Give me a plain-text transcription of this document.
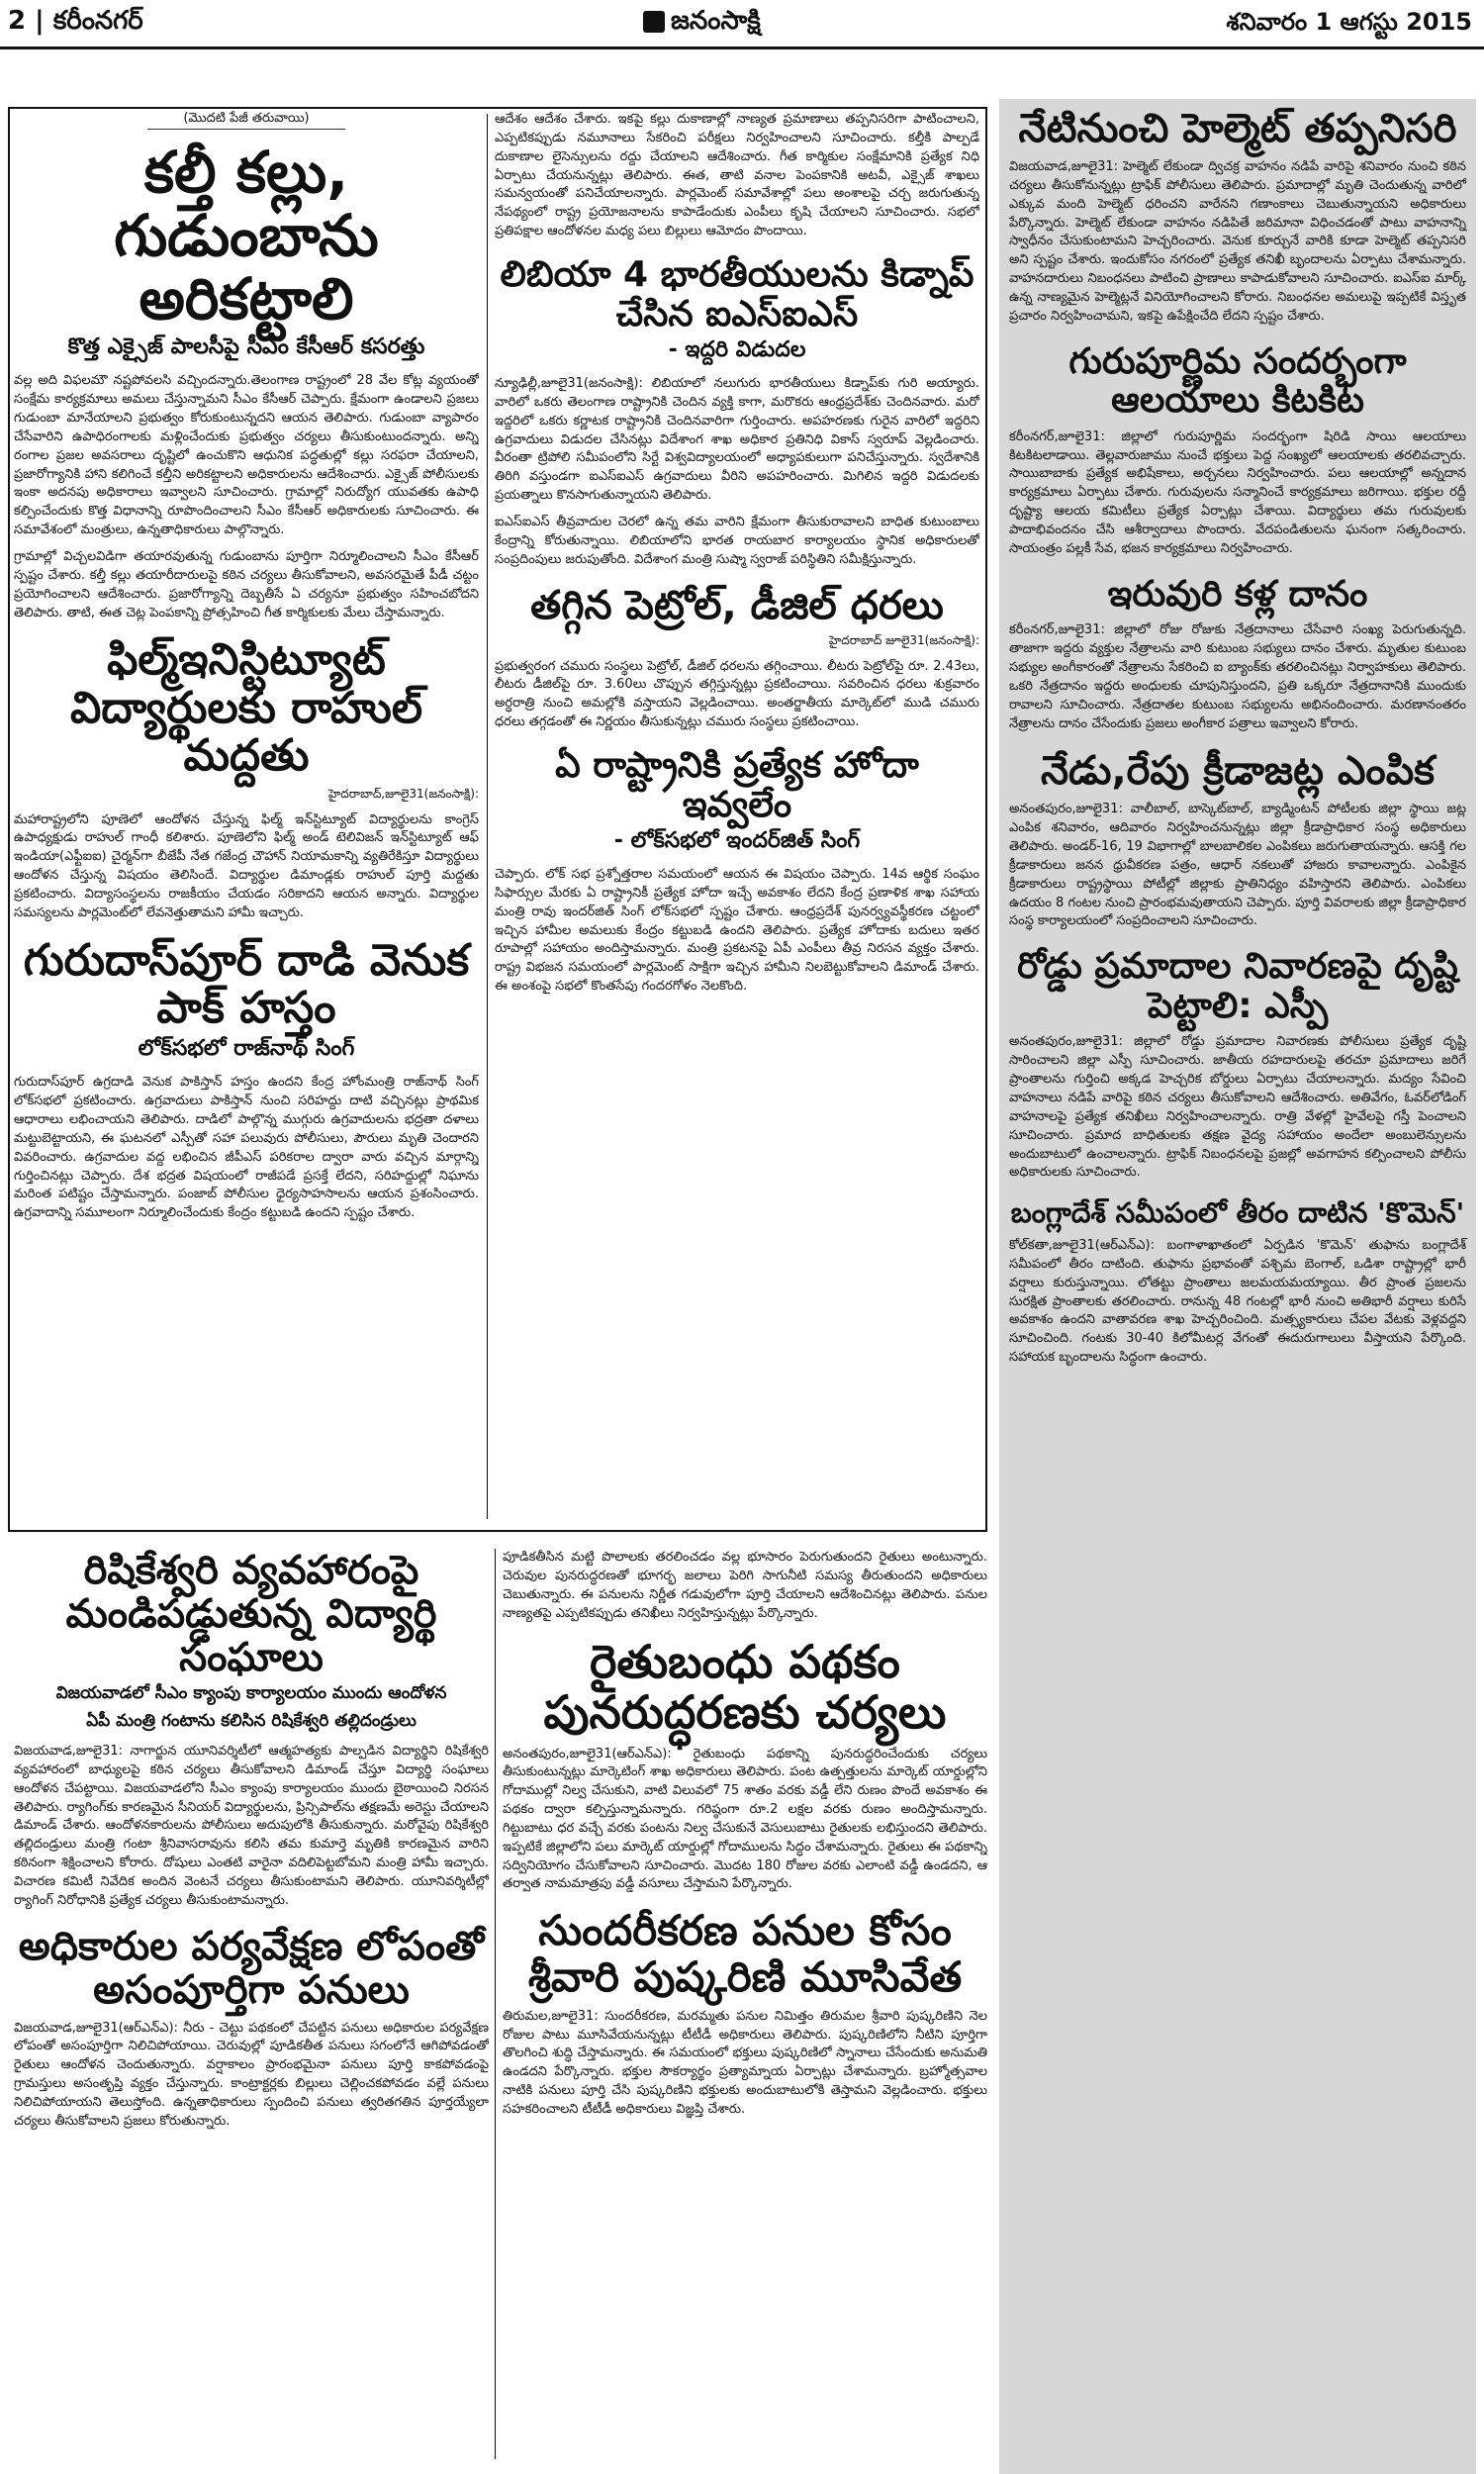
2 | కరీంనగర్	జనంసాక్షి	శనివారం 1 ఆగస్టు 2015
(మొదటి పేజీ తరువాయి)
కల్తీ కల్లు, గుడుంబాను అరికట్టాలి
కొత్త ఎక్సైజ్ పాలసీపై సీఎం కేసీఆర్ కసరత్తు
వల్ల అది విఫలమౌ నష్టపోవలసి వచ్చిందన్నారు.తెలంగాణ రాష్ట్రంలో 28 వేల కోట్ల వ్యయంతో సంక్షేమ కార్యక్రమాలు అమలు చేస్తున్నామని సీఎం కేసీఆర్ చెప్పారు. క్షేమంగా ఉండాలని ప్రజలు గుడుంబా మానేయాలని ప్రభుత్వం కోరుకుంటున్నదని ఆయన తెలిపారు. గుడుంబా వ్యాపారం చేసేవారిని ఉపాధిరంగాలకు మళ్లించేందుకు ప్రభుత్వం చర్యలు తీసుకుంటుందన్నారు. అన్ని రంగాల ప్రజల అవసరాలు దృష్టిలో ఉంచుకొని ఆధునిక పద్ధతుల్లో కల్లు సరఫరా చేయాలని, ప్రజారోగ్యానికి హాని కలిగించే కల్తీని అరికట్టాలని అధికారులను ఆదేశించారు. ఎక్సైజ్ పోలీసులకు ఇంకా అదనపు అధికారాలు ఇవ్వాలని సూచించారు. గ్రామాల్లో నిరుద్యోగ యువతకు ఉపాధి కల్పించేందుకు కొత్త విధానాన్ని రూపొందించాలని సీఎం కేసీఆర్ అధికారులకు సూచించారు. ఈ సమావేశంలో మంత్రులు, ఉన్నతాధికారులు పాల్గొన్నారు.
గ్రామాల్లో విచ్చలవిడిగా తయారవుతున్న గుడుంబాను పూర్తిగా నిర్మూలించాలని సీఎం కేసీఆర్ స్పష్టం చేశారు. కల్తీ కల్లు తయారీదారులపై కఠిన చర్యలు తీసుకోవాలని, అవసరమైతే పీడీ చట్టం ప్రయోగించాలని ఆదేశించారు. ప్రజారోగ్యాన్ని దెబ్బతీసే ఏ చర్యనూ ప్రభుత్వం సహించబోదని తెలిపారు. తాటి, ఈత చెట్ల పెంపకాన్ని ప్రోత్సహించి గీత కార్మికులకు మేలు చేస్తామన్నారు.
ఫిల్మ్ఇనిస్టిట్యూట్ విద్యార్థులకు రాహుల్ మద్దతు
హైదరాబాద్,జూలై31(జనంసాక్షి):
మహారాష్ట్రలోని పూణెలో ఆందోళన చేస్తున్న ఫిల్మ్ ఇన్‌స్టిట్యూట్ విద్యార్థులను కాంగ్రెస్ ఉపాధ్యక్షుడు రాహుల్ గాంధీ కలిశారు. పూణెలోని ఫిల్మ్ అండ్ టెలివిజన్ ఇన్‌స్టిట్యూట్ ఆఫ్ ఇండియా(ఎఫ్టీఐఐ) చైర్మన్‌గా బీజేపీ నేత గజేంద్ర చౌహాన్ నియామకాన్ని వ్యతిరేకిస్తూ విద్యార్థులు ఆందోళన చేస్తున్న విషయం తెలిసిందే. విద్యార్థుల డిమాండ్లకు రాహుల్ పూర్తి మద్దతు ప్రకటించారు. విద్యాసంస్థలను రాజకీయం చేయడం సరికాదని ఆయన అన్నారు. విద్యార్థుల సమస్యలను పార్లమెంట్‌లో లేవనెత్తుతామని హామీ ఇచ్చారు.
గురుదాస్‌పూర్ దాడి వెనుక పాక్ హస్తం
లోక్‌సభలో రాజ్‌నాథ్ సింగ్
గురుదాస్‌పూర్ ఉగ్రదాడి వెనుక పాకిస్తాన్ హస్తం ఉందని కేంద్ర హోంమంత్రి రాజ్‌నాథ్ సింగ్ లోక్‌సభలో ప్రకటించారు. ఉగ్రవాదులు పాకిస్తాన్ నుంచి సరిహద్దు దాటి వచ్చినట్లు ప్రాథమిక ఆధారాలు లభించాయని తెలిపారు. దాడిలో పాల్గొన్న ముగ్గురు ఉగ్రవాదులను భద్రతా దళాలు మట్టుబెట్టాయని, ఈ ఘటనలో ఎస్పీతో సహా పలువురు పోలీసులు, పౌరులు మృతి చెందారని వివరించారు. ఉగ్రవాదుల వద్ద లభించిన జీపీఎస్ పరికరాల ద్వారా వారు వచ్చిన మార్గాన్ని గుర్తించినట్లు చెప్పారు. దేశ భద్రత విషయంలో రాజీపడే ప్రసక్తే లేదని, సరిహద్దుల్లో నిఘాను మరింత పటిష్టం చేస్తామన్నారు. పంజాబ్ పోలీసుల ధైర్యసాహసాలను ఆయన ప్రశంసించారు. ఉగ్రవాదాన్ని సమూలంగా నిర్మూలించేందుకు కేంద్రం కట్టుబడి ఉందని స్పష్టం చేశారు.
ఆదేశం ఆదేశం చేశారు. ఇకపై కల్లు దుకాణాల్లో నాణ్యత ప్రమాణాలు తప్పనిసరిగా పాటించాలని, ఎప్పటికప్పుడు నమూనాలు సేకరించి పరీక్షలు నిర్వహించాలని సూచించారు. కల్తీకి పాల్పడే దుకాణాల లైసెన్సులను రద్దు చేయాలని ఆదేశించారు. గీత కార్మికుల సంక్షేమానికి ప్రత్యేక నిధి ఏర్పాటు చేయనున్నట్లు తెలిపారు. ఈత, తాటి వనాల పెంపకానికి అటవీ, ఎక్సైజ్ శాఖలు సమన్వయంతో పనిచేయాలన్నారు. పార్లమెంట్ సమావేశాల్లో పలు అంశాలపై చర్చ జరుగుతున్న నేపథ్యంలో రాష్ట్ర ప్రయోజనాలను కాపాడేందుకు ఎంపీలు కృషి చేయాలని సూచించారు. సభలో ప్రతిపక్షాల ఆందోళనల మధ్య పలు బిల్లులు ఆమోదం పొందాయి.
లిబియా 4 భారతీయులను కిడ్నాప్ చేసిన ఐఎస్ఐఎస్
- ఇద్దరి విడుదల
న్యూఢిల్లీ,జూలై31(జనంసాక్షి): లిబియాలో నలుగురు భారతీయులు కిడ్నాప్‌కు గురి అయ్యారు. వారిలో ఒకరు తెలంగాణ రాష్ట్రానికి చెందిన వ్యక్తి కాగా, మరొకరు ఆంధ్రప్రదేశ్‌కు చెందినవారు. మరో ఇద్దరిలో ఒకరు కర్ణాటక రాష్ట్రానికి చెందినవారిగా గుర్తించారు. అపహరణకు గురైన వారిలో ఇద్దరిని ఉగ్రవాదులు విడుదల చేసినట్లు విదేశాంగ శాఖ అధికార ప్రతినిధి వికాస్ స్వరూప్ వెల్లడించారు. వీరంతా ట్రిపోలి సమీపంలోని సిర్టే విశ్వవిద్యాలయంలో అధ్యాపకులుగా పనిచేస్తున్నారు. స్వదేశానికి తిరిగి వస్తుండగా ఐఎస్ఐఎస్ ఉగ్రవాదులు వీరిని అపహరించారు. మిగిలిన ఇద్దరి విడుదలకు ప్రయత్నాలు కొనసాగుతున్నాయని తెలిపారు.
ఐఎస్ఐఎస్ తీవ్రవాదుల చెరలో ఉన్న తమ వారిని క్షేమంగా తీసుకురావాలని బాధిత కుటుంబాలు కేంద్రాన్ని కోరుతున్నాయి. లిబియాలోని భారత రాయబార కార్యాలయం స్థానిక అధికారులతో సంప్రదింపులు జరుపుతోంది. విదేశాంగ మంత్రి సుష్మా స్వరాజ్ పరిస్థితిని సమీక్షిస్తున్నారు.
తగ్గిన పెట్రోల్, డీజిల్ ధరలు
హైదరాబాద్ జూలై31(జనంసాక్షి):
ప్రభుత్వరంగ చమురు సంస్థలు పెట్రోల్, డీజిల్ ధరలను తగ్గించాయి. లీటరు పెట్రోల్‌పై రూ. 2.43లు, లీటరు డీజిల్‌పై రూ. 3.60లు చొప్పున తగ్గిస్తున్నట్లు ప్రకటించాయి. సవరించిన ధరలు శుక్రవారం అర్ధరాత్రి నుంచి అమల్లోకి వస్తాయని వెల్లడించాయి. అంతర్జాతీయ మార్కెట్‌లో ముడి చమురు ధరలు తగ్గడంతో ఈ నిర్ణయం తీసుకున్నట్లు చమురు సంస్థలు ప్రకటించాయి.
ఏ రాష్ట్రానికి ప్రత్యేక హోదా ఇవ్వలేం
- లోక్‌సభలో ఇందర్‌జిత్ సింగ్
చెప్పారు. లోక్ సభ ప్రశ్నోత్తరాల సమయంలో ఆయన ఈ విషయం చెప్పారు. 14వ ఆర్థిక సంఘం సిఫార్సుల మేరకు ఏ రాష్ట్రానికీ ప్రత్యేక హోదా ఇచ్చే అవకాశం లేదని కేంద్ర ప్రణాళిక శాఖ సహాయ మంత్రి రావు ఇందర్‌జిత్ సింగ్ లోక్‌సభలో స్పష్టం చేశారు. ఆంధ్రప్రదేశ్ పునర్వ్యవస్థీకరణ చట్టంలో ఇచ్చిన హామీల అమలుకు కేంద్రం కట్టుబడి ఉందని తెలిపారు. ప్రత్యేక హోదాకు బదులు ఇతర రూపాల్లో సహాయం అందిస్తామన్నారు. మంత్రి ప్రకటనపై ఏపీ ఎంపీలు తీవ్ర నిరసన వ్యక్తం చేశారు. రాష్ట్ర విభజన సమయంలో పార్లమెంట్ సాక్షిగా ఇచ్చిన హామీని నిలబెట్టుకోవాలని డిమాండ్ చేశారు. ఈ అంశంపై సభలో కొంతసేపు గందరగోళం నెలకొంది.
నేటినుంచి హెల్మెట్ తప్పనిసరి
విజయవాడ,జూలై31: హెల్మెట్ లేకుండా ద్విచక్ర వాహనం నడిపే వారిపై శనివారం నుంచి కఠిన చర్యలు తీసుకోనున్నట్లు ట్రాఫిక్ పోలీసులు తెలిపారు. ప్రమాదాల్లో మృతి చెందుతున్న వారిలో ఎక్కువ మంది హెల్మెట్ ధరించని వారేనని గణాంకాలు చెబుతున్నాయని అధికారులు పేర్కొన్నారు. హెల్మెట్ లేకుండా వాహనం నడిపితే జరిమానా విధించడంతో పాటు వాహనాన్ని స్వాధీనం చేసుకుంటామని హెచ్చరించారు. వెనుక కూర్చునే వారికి కూడా హెల్మెట్ తప్పనిసరి అని స్పష్టం చేశారు. ఇందుకోసం నగరంలో ప్రత్యేక తనిఖీ బృందాలను ఏర్పాటు చేశామన్నారు. వాహనదారులు నిబంధనలు పాటించి ప్రాణాలు కాపాడుకోవాలని సూచించారు. ఐఎస్ఐ మార్క్ ఉన్న నాణ్యమైన హెల్మెట్లనే వినియోగించాలని కోరారు. నిబంధనల అమలుపై ఇప్పటికే విస్తృత ప్రచారం నిర్వహించామని, ఇకపై ఉపేక్షించేది లేదని స్పష్టం చేశారు.
గురుపూర్ణిమ సందర్భంగా ఆలయాలు కిటకిట
కరీంనగర్,జూలై31: జిల్లాలో గురుపూర్ణిమ సందర్భంగా షిరిడి సాయి ఆలయాలు కిటకిటలాడాయి. తెల్లవారుజాము నుంచే భక్తులు పెద్ద సంఖ్యలో ఆలయాలకు తరలివచ్చారు. సాయిబాబాకు ప్రత్యేక అభిషేకాలు, అర్చనలు నిర్వహించారు. పలు ఆలయాల్లో అన్నదాన కార్యక్రమాలు ఏర్పాటు చేశారు. గురువులను సన్మానించే కార్యక్రమాలు జరిగాయి. భక్తుల రద్దీ దృష్ట్యా ఆలయ కమిటీలు ప్రత్యేక ఏర్పాట్లు చేశాయి. విద్యార్థులు తమ గురువులకు పాదాభివందనం చేసి ఆశీర్వాదాలు పొందారు. వేదపండితులను ఘనంగా సత్కరించారు. సాయంత్రం పల్లకీ సేవ, భజన కార్యక్రమాలు నిర్వహించారు.
ఇరువురి కళ్ల దానం
కరీంనగర్,జూలై31: జిల్లాలో రోజు రోజుకు నేత్రదానాలు చేసేవారి సంఖ్య పెరుగుతున్నది. తాజాగా ఇద్దరు వ్యక్తుల నేత్రాలను వారి కుటుంబ సభ్యులు దానం చేశారు. మృతుల కుటుంబ సభ్యుల అంగీకారంతో నేత్రాలను సేకరించి ఐ బ్యాంక్‌కు తరలించినట్లు నిర్వాహకులు తెలిపారు. ఒకరి నేత్రదానం ఇద్దరు అంధులకు చూపునిస్తుందని, ప్రతి ఒక్కరూ నేత్రదానానికి ముందుకు రావాలని సూచించారు. నేత్రదాతల కుటుంబ సభ్యులను అభినందించారు. మరణానంతరం నేత్రాలను దానం చేసేందుకు ప్రజలు అంగీకార పత్రాలు ఇవ్వాలని కోరారు.
నేడు,రేపు క్రీడాజట్ల ఎంపిక
అనంతపురం,జూలై31: వాలీబాల్, బాస్కెట్‌బాల్, బ్యాడ్మింటన్ పోటీలకు జిల్లా స్థాయి జట్ల ఎంపిక శనివారం, ఆదివారం నిర్వహించనున్నట్లు జిల్లా క్రీడాప్రాధికార సంస్థ అధికారులు తెలిపారు. అండర్-16, 19 విభాగాల్లో బాలబాలికల ఎంపికలు జరుగుతాయన్నారు. ఆసక్తి గల క్రీడాకారులు జనన ధ్రువీకరణ పత్రం, ఆధార్ నకలుతో హాజరు కావాలన్నారు. ఎంపికైన క్రీడాకారులు రాష్ట్రస్థాయి పోటీల్లో జిల్లాకు ప్రాతినిధ్యం వహిస్తారని తెలిపారు. ఎంపికలు ఉదయం 8 గంటల నుంచి ప్రారంభమవుతాయని చెప్పారు. పూర్తి వివరాలకు జిల్లా క్రీడాప్రాధికార సంస్థ కార్యాలయంలో సంప్రదించాలని సూచించారు.
రోడ్డు ప్రమాదాల నివారణపై దృష్టి పెట్టాలి: ఎస్పీ
అనంతపురం,జూలై31: జిల్లాలో రోడ్డు ప్రమాదాల నివారణకు పోలీసులు ప్రత్యేక దృష్టి సారించాలని జిల్లా ఎస్పీ సూచించారు. జాతీయ రహదారులపై తరచూ ప్రమాదాలు జరిగే ప్రాంతాలను గుర్తించి అక్కడ హెచ్చరిక బోర్డులు ఏర్పాటు చేయాలన్నారు. మద్యం సేవించి వాహనాలు నడిపే వారిపై కఠిన చర్యలు తీసుకోవాలని ఆదేశించారు. అతివేగం, ఓవర్‌లోడింగ్ వాహనాలపై ప్రత్యేక తనిఖీలు నిర్వహించాలన్నారు. రాత్రి వేళల్లో హైవేలపై గస్తీ పెంచాలని సూచించారు. ప్రమాద బాధితులకు తక్షణ వైద్య సహాయం అందేలా అంబులెన్సులను అందుబాటులో ఉంచాలన్నారు. ట్రాఫిక్ నిబంధనలపై ప్రజల్లో అవగాహన కల్పించాలని పోలీసు అధికారులకు సూచించారు.
బంగ్లాదేశ్ సమీపంలో తీరం దాటిన 'కొమెన్'
కోల్‌కతా,జూలై31(ఆర్ఎన్ఎ): బంగాళాఖాతంలో ఏర్పడిన 'కొమెన్' తుఫాను బంగ్లాదేశ్ సమీపంలో తీరం దాటింది. తుఫాను ప్రభావంతో పశ్చిమ బెంగాల్, ఒడిశా రాష్ట్రాల్లో భారీ వర్షాలు కురుస్తున్నాయి. లోతట్టు ప్రాంతాలు జలమయమయ్యాయి. తీర ప్రాంత ప్రజలను సురక్షిత ప్రాంతాలకు తరలించారు. రానున్న 48 గంటల్లో భారీ నుంచి అతిభారీ వర్షాలు కురిసే అవకాశం ఉందని వాతావరణ శాఖ హెచ్చరించింది. మత్స్యకారులు చేపల వేటకు వెళ్లవద్దని సూచించింది. గంటకు 30-40 కిలోమీటర్ల వేగంతో ఈదురుగాలులు వీస్తాయని పేర్కొంది. సహాయక బృందాలను సిద్ధంగా ఉంచారు.
రిషికేశ్వరి వ్యవహారంపై మండిపడ్డుతున్న విద్యార్థి సంఘాలు
విజయవాడలో సీఎం క్యాంపు కార్యాలయం ముందు ఆందోళన
ఏపీ మంత్రి గంటాను కలిసిన రిషికేశ్వరి తల్లిదండ్రులు
విజయవాడ,జూలై31: నాగార్జున యూనివర్శిటీలో ఆత్మహత్యకు పాల్పడిన విద్యార్థిని రిషికేశ్వరి వ్యవహారంలో బాధ్యులపై కఠిన చర్యలు తీసుకోవాలని డిమాండ్ చేస్తూ విద్యార్థి సంఘాలు ఆందోళన చేపట్టాయి. విజయవాడలోని సీఎం క్యాంపు కార్యాలయం ముందు బైఠాయించి నిరసన తెలిపారు. ర్యాగింగ్‌కు కారణమైన సీనియర్ విద్యార్థులను, ప్రిన్సిపాల్‌ను తక్షణమే అరెస్టు చేయాలని డిమాండ్ చేశారు. ఆందోళనకారులను పోలీసులు అదుపులోకి తీసుకున్నారు. మరోవైపు రిషికేశ్వరి తల్లిదండ్రులు మంత్రి గంటా శ్రీనివాసరావును కలిసి తమ కుమార్తె మృతికి కారణమైన వారిని కఠినంగా శిక్షించాలని కోరారు. దోషులు ఎంతటి వారైనా వదిలిపెట్టబోమని మంత్రి హామీ ఇచ్చారు. విచారణ కమిటీ నివేదిక అందిన వెంటనే చర్యలు తీసుకుంటామని తెలిపారు. యూనివర్శిటీల్లో ర్యాగింగ్ నిరోధానికి ప్రత్యేక చర్యలు తీసుకుంటామన్నారు.
అధికారుల పర్యవేక్షణ లోపంతో అసంపూర్తిగా పనులు
విజయవాడ,జూలై31(ఆర్ఎన్ఎ): నీరు - చెట్టు పథకంలో చేపట్టిన పనులు అధికారుల పర్యవేక్షణ లోపంతో అసంపూర్తిగా నిలిచిపోయాయి. చెరువుల్లో పూడికతీత పనులు సగంలోనే ఆగిపోవడంతో రైతులు ఆందోళన చెందుతున్నారు. వర్షాకాలం ప్రారంభమైనా పనులు పూర్తి కాకపోవడంపై గ్రామస్తులు అసంతృప్తి వ్యక్తం చేస్తున్నారు. కాంట్రాక్టర్లకు బిల్లులు చెల్లించకపోవడం వల్లే పనులు నిలిచిపోయాయని తెలుస్తోంది. ఉన్నతాధికారులు స్పందించి పనులు త్వరితగతిన పూర్తయ్యేలా చర్యలు తీసుకోవాలని ప్రజలు కోరుతున్నారు.
పూడికతీసిన మట్టి పొలాలకు తరలించడం వల్ల భూసారం పెరుగుతుందని రైతులు అంటున్నారు. చెరువుల పునరుద్ధరణతో భూగర్భ జలాలు పెరిగి సాగునీటి సమస్య తీరుతుందని అధికారులు చెబుతున్నారు. ఈ పనులను నిర్ణీత గడువులోగా పూర్తి చేయాలని ఆదేశించినట్లు తెలిపారు. పనుల నాణ్యతపై ఎప్పటికప్పుడు తనిఖీలు నిర్వహిస్తున్నట్లు పేర్కొన్నారు.
రైతుబంధు పథకం పునరుద్ధరణకు చర్యలు
అనంతపురం,జూలై31(ఆర్ఎన్ఎ): రైతుబంధు పథకాన్ని పునరుద్ధరించేందుకు చర్యలు తీసుకుంటున్నట్లు మార్కెటింగ్ శాఖ అధికారులు తెలిపారు. పంట ఉత్పత్తులను మార్కెట్ యార్డుల్లోని గోదాముల్లో నిల్వ చేసుకుని, వాటి విలువలో 75 శాతం వరకు వడ్డీ లేని రుణం పొందే అవకాశం ఈ పథకం ద్వారా కల్పిస్తున్నామన్నారు. గరిష్ఠంగా రూ.2 లక్షల వరకు రుణం అందిస్తామన్నారు. గిట్టుబాటు ధర వచ్చే వరకు పంటను నిల్వ చేసుకునే వెసులుబాటు రైతులకు లభిస్తుందని తెలిపారు. ఇప్పటికే జిల్లాలోని పలు మార్కెట్ యార్డుల్లో గోదాములను సిద్ధం చేశామన్నారు. రైతులు ఈ పథకాన్ని సద్వినియోగం చేసుకోవాలని సూచించారు. మొదట 180 రోజుల వరకు ఎలాంటి వడ్డీ ఉండదని, ఆ తర్వాత నామమాత్రపు వడ్డీ వసూలు చేస్తామని పేర్కొన్నారు.
సుందరీకరణ పనుల కోసం శ్రీవారి పుష్కరిణి మూసివేత
తిరుమల,జూలై31: సుందరీకరణ, మరమ్మతు పనుల నిమిత్తం తిరుమల శ్రీవారి పుష్కరిణిని నెల రోజుల పాటు మూసివేయనున్నట్లు టీటీడీ అధికారులు తెలిపారు. పుష్కరిణిలోని నీటిని పూర్తిగా తొలగించి శుద్ధి చేస్తామన్నారు. ఈ సమయంలో భక్తులు పుష్కరిణిలో స్నానాలు చేసేందుకు అనుమతి ఉండదని పేర్కొన్నారు. భక్తుల సౌకర్యార్థం ప్రత్యామ్నాయ ఏర్పాట్లు చేశామన్నారు. బ్రహ్మోత్సవాల నాటికి పనులు పూర్తి చేసి పుష్కరిణిని భక్తులకు అందుబాటులోకి తెస్తామని వెల్లడించారు. భక్తులు సహకరించాలని టీటీడీ అధికారులు విజ్ఞప్తి చేశారు.
